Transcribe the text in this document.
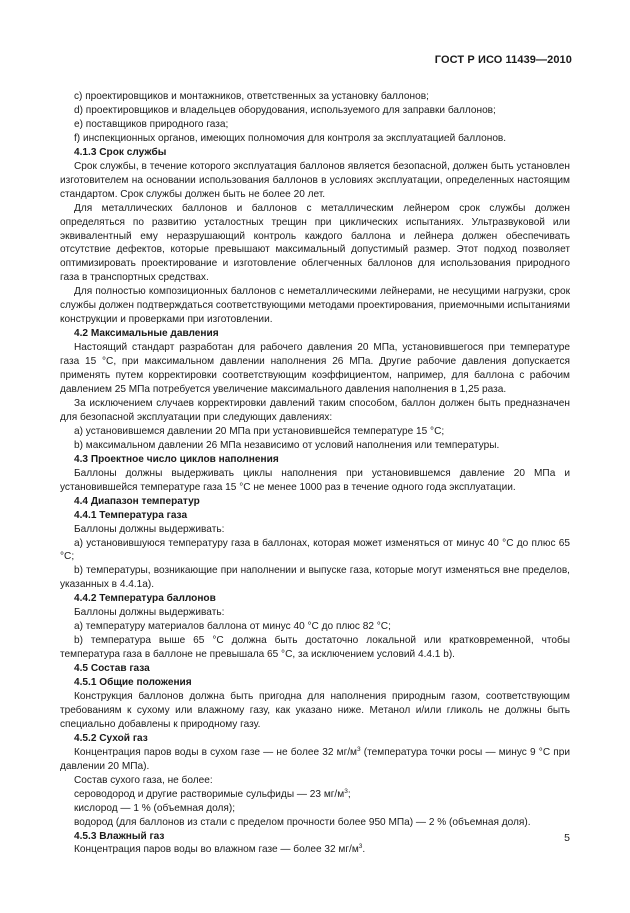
ГОСТ Р ИСО 11439—2010

c) проектировщиков и монтажников, ответственных за установку баллонов;

d) проектировщиков и владельцев оборудования, используемого для заправки баллонов;

e) поставщиков природного газа;

f) инспекционных органов, имеющих полномочия для контроля за эксплуатацией баллонов.

4.1.3 Срок службы

Срок службы, в течение которого эксплуатация баллонов является безопасной, должен быть установлен изготовителем на основании использования баллонов в условиях эксплуатации, определенных настоящим стандартом. Срок службы должен быть не более 20 лет.

Для металлических баллонов и баллонов с металлическим лейнером срок службы должен определяться по развитию усталостных трещин при циклических испытаниях. Ультразвуковой или эквивалентный ему неразрушающий контроль каждого баллона и лейнера должен обеспечивать отсутствие дефектов, которые превышают максимальный допустимый размер. Этот подход позволяет оптимизировать проектирование и изготовление облегченных баллонов для использования природного газа в транспортных средствах.

Для полностью композиционных баллонов с неметаллическими лейнерами, не несущими нагрузки, срок службы должен подтверждаться соответствующими методами проектирования, приемочными испытаниями конструкции и проверками при изготовлении.

4.2 Максимальные давления

Настоящий стандарт разработан для рабочего давления 20 МПа, установившегося при температуре газа 15 °С, при максимальном давлении наполнения 26 МПа. Другие рабочие давления допускается применять путем корректировки соответствующим коэффициентом, например, для баллона с рабочим давлением 25 МПа потребуется увеличение максимального давления наполнения в 1,25 раза.

За исключением случаев корректировки давлений таким способом, баллон должен быть предназначен для безопасной эксплуатации при следующих давлениях:

a) установившемся давлении 20 МПа при установившейся температуре 15 °С;

b) максимальном давлении 26 МПа независимо от условий наполнения или температуры.

4.3 Проектное число циклов наполнения

Баллоны должны выдерживать циклы наполнения при установившемся давление 20 МПа и установившейся температуре газа 15 °С не менее 1000 раз в течение одного года эксплуатации.

4.4 Диапазон температур

4.4.1 Температура газа

Баллоны должны выдерживать:

a) установившуюся температуру газа в баллонах, которая может изменяться от минус 40 °С до плюс 65 °С;

b) температуры, возникающие при наполнении и выпуске газа, которые могут изменяться вне пределов, указанных в 4.4.1а).

4.4.2 Температура баллонов

Баллоны должны выдерживать:

a) температуру материалов баллона от минус 40 °С до плюс 82 °С;

b) температура выше 65 °С должна быть достаточно локальной или кратковременной, чтобы температура газа в баллоне не превышала 65 °С, за исключением условий 4.4.1 b).

4.5 Состав газа

4.5.1 Общие положения

Конструкция баллонов должна быть пригодна для наполнения природным газом, соответствующим требованиям к сухому или влажному газу, как указано ниже. Метанол и/или гликоль не должны быть специально добавлены к природному газу.

4.5.2 Сухой газ

Концентрация паров воды в сухом газе — не более 32 $мг/м^3$ (температура точки росы — минус 9 °С при давлении 20 МПа).

Состав сухого газа, не более:

сероводород и другие растворимые сульфиды — 23 $мг/м^3$;

кислород — 1 % (объемная доля);

водород (для баллонов из стали с пределом прочности более 950 МПа) — 2 % (объемная доля).

4.5.3 Влажный газ

Концентрация паров воды во влажном газе — более 32 $мг/м^3$.

5
